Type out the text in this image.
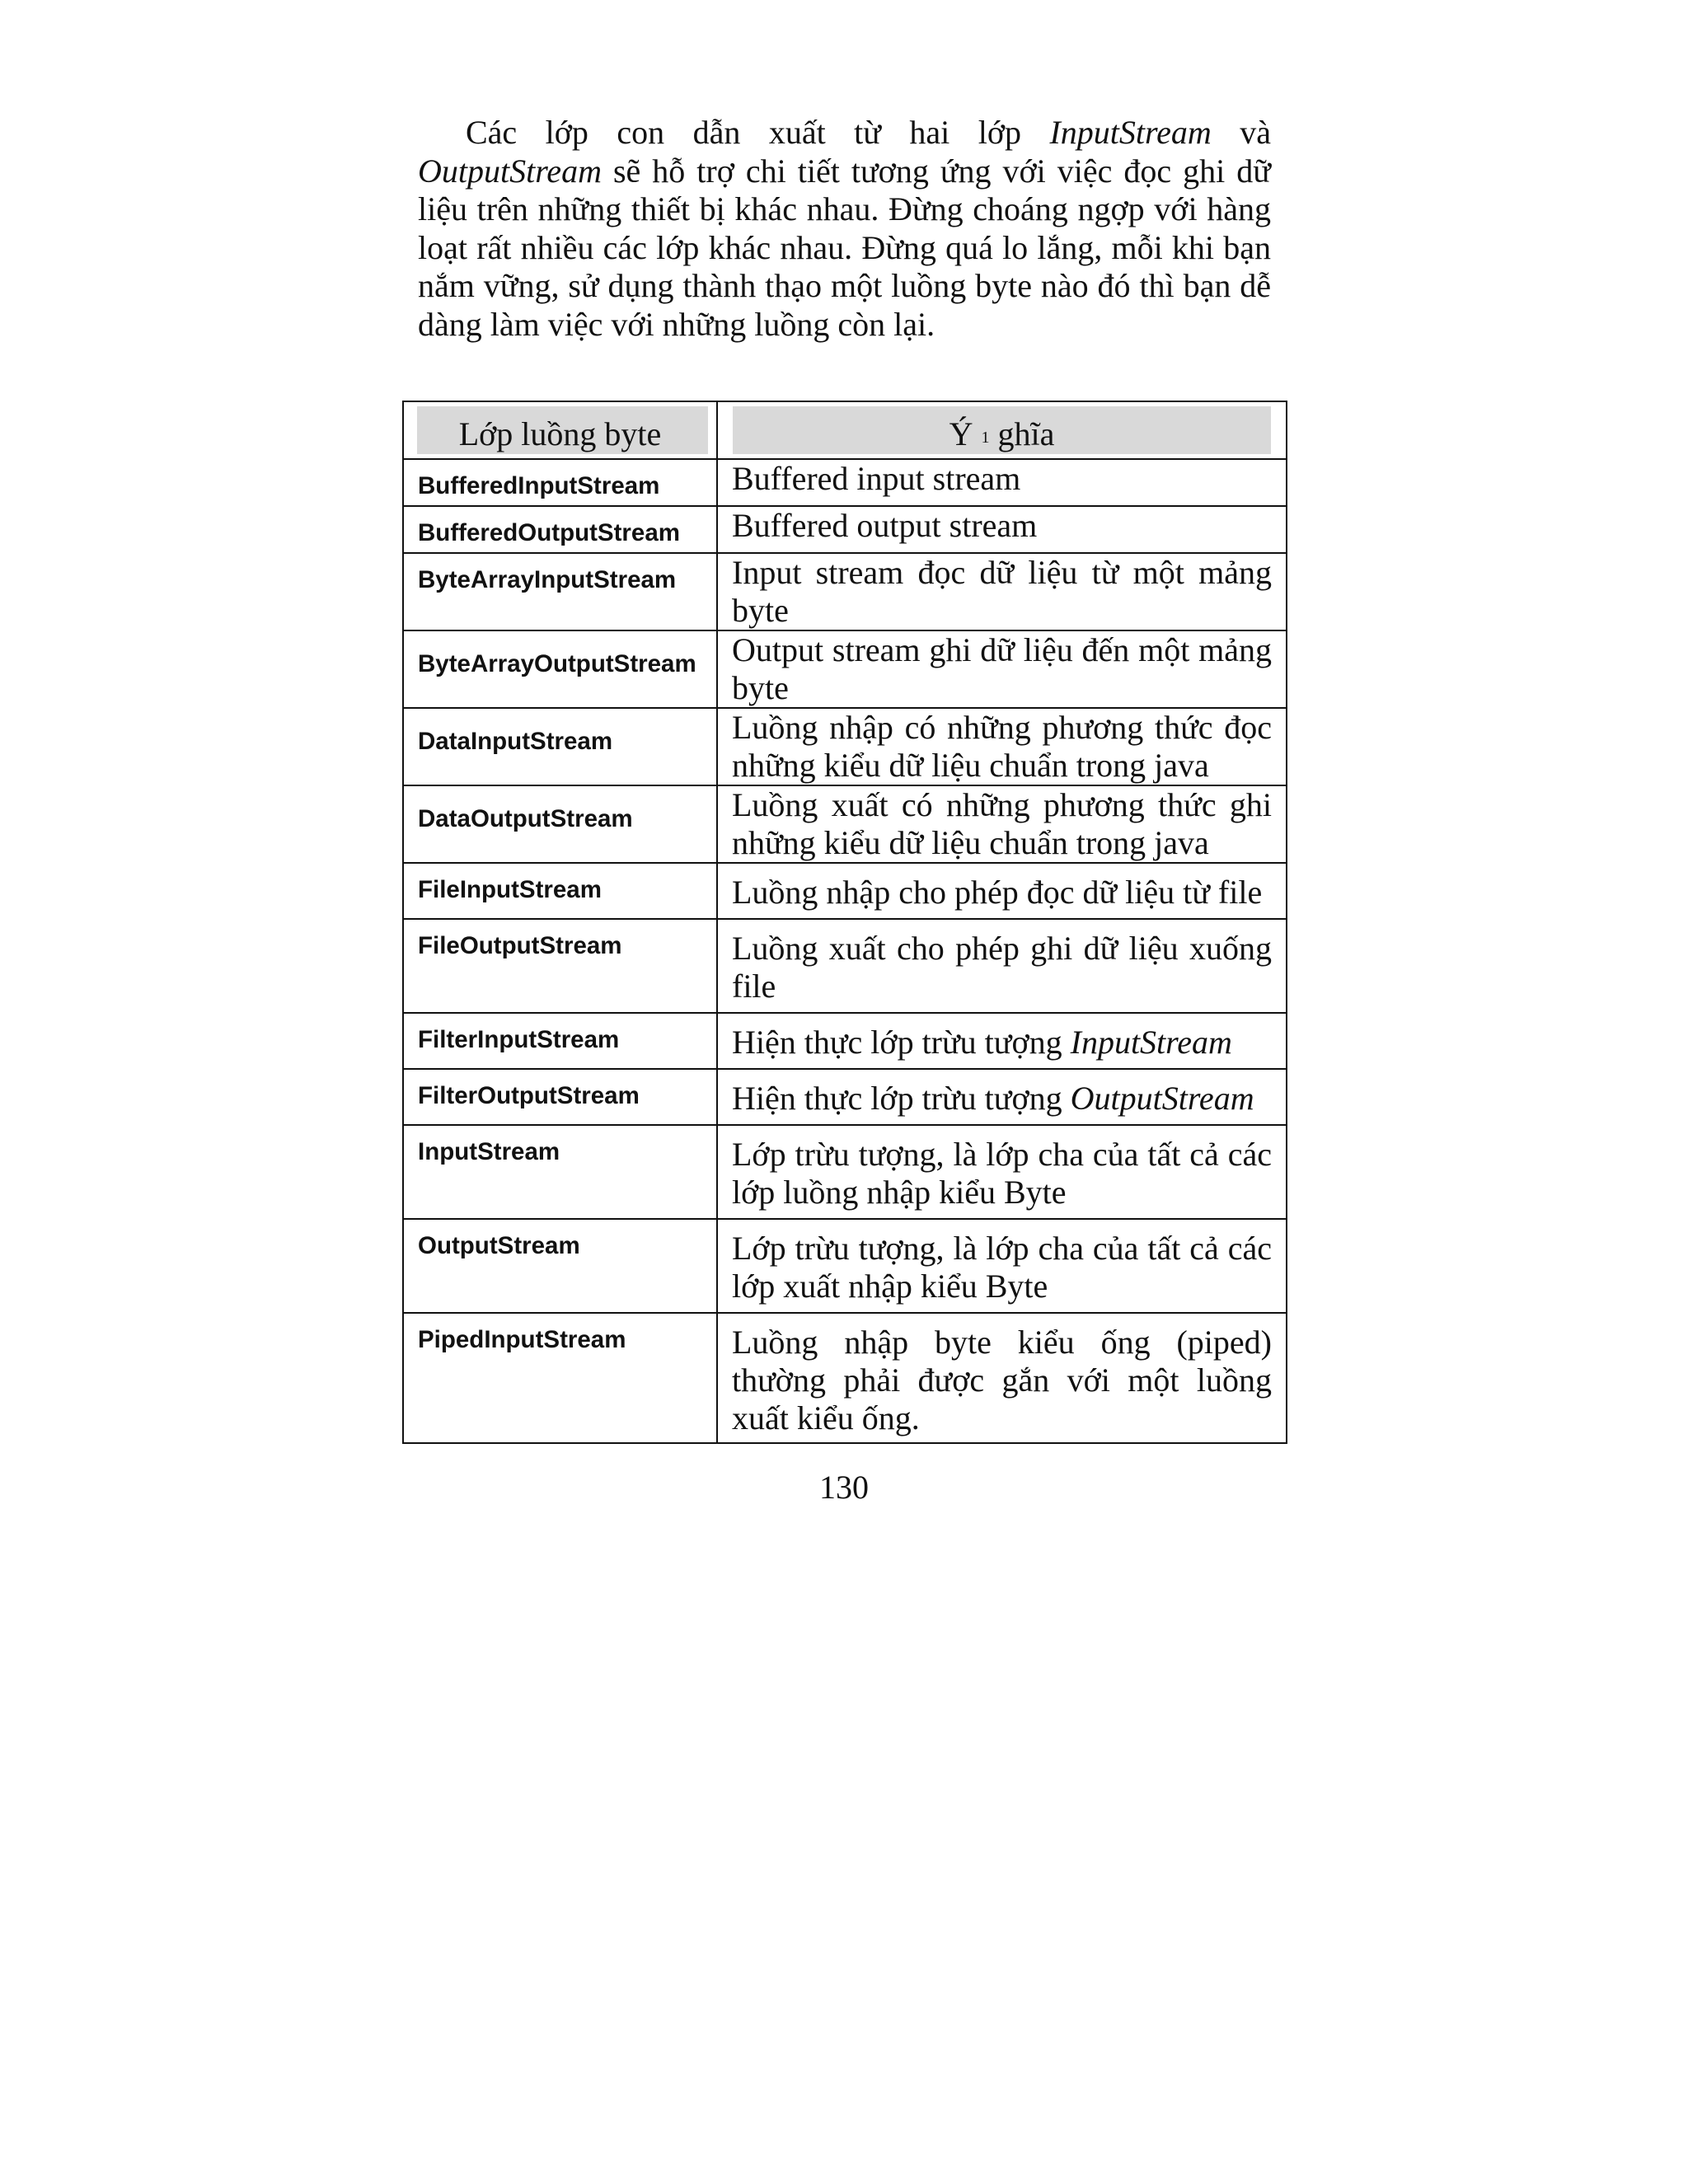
Các lớp con dẫn xuất từ hai lớp InputStream và OutputStream sẽ hỗ trợ chi tiết tương ứng với việc đọc ghi dữ liệu trên những thiết bị khác nhau. Đừng choáng ngợp với hàng loạt rất nhiều các lớp khác nhau. Đừng quá lo lắng, mỗi khi bạn nắm vững, sử dụng thành thạo một luồng byte nào đó thì bạn dễ dàng làm việc với những luồng còn lại.

Lớp luồng byte	Ý 1 ghĩa

BufferedInputStream	Buffered input stream
BufferedOutputStream	Buffered output stream
ByteArrayInputStream	Input stream đọc dữ liệu từ một mảng byte
ByteArrayOutputStream	Output stream ghi dữ liệu đến một mảng byte
DataInputStream	Luồng nhập có những phương thức đọc những kiểu dữ liệu chuẩn trong java
DataOutputStream	Luồng xuất có những phương thức ghi những kiểu dữ liệu chuẩn trong java
FileInputStream	Luồng nhập cho phép đọc dữ liệu từ file
FileOutputStream	Luồng xuất cho phép ghi dữ liệu xuống file
FilterInputStream	Hiện thực lớp trừu tượng InputStream
FilterOutputStream	Hiện thực lớp trừu tượng OutputStream
InputStream	Lớp trừu tượng, là lớp cha của tất cả các lớp luồng nhập kiểu Byte
OutputStream	Lớp trừu tượng, là lớp cha của tất cả các lớp xuất nhập kiểu Byte
PipedInputStream	Luồng nhập byte kiểu ống (piped) thường phải được gắn với một luồng xuất kiểu ống.
130
